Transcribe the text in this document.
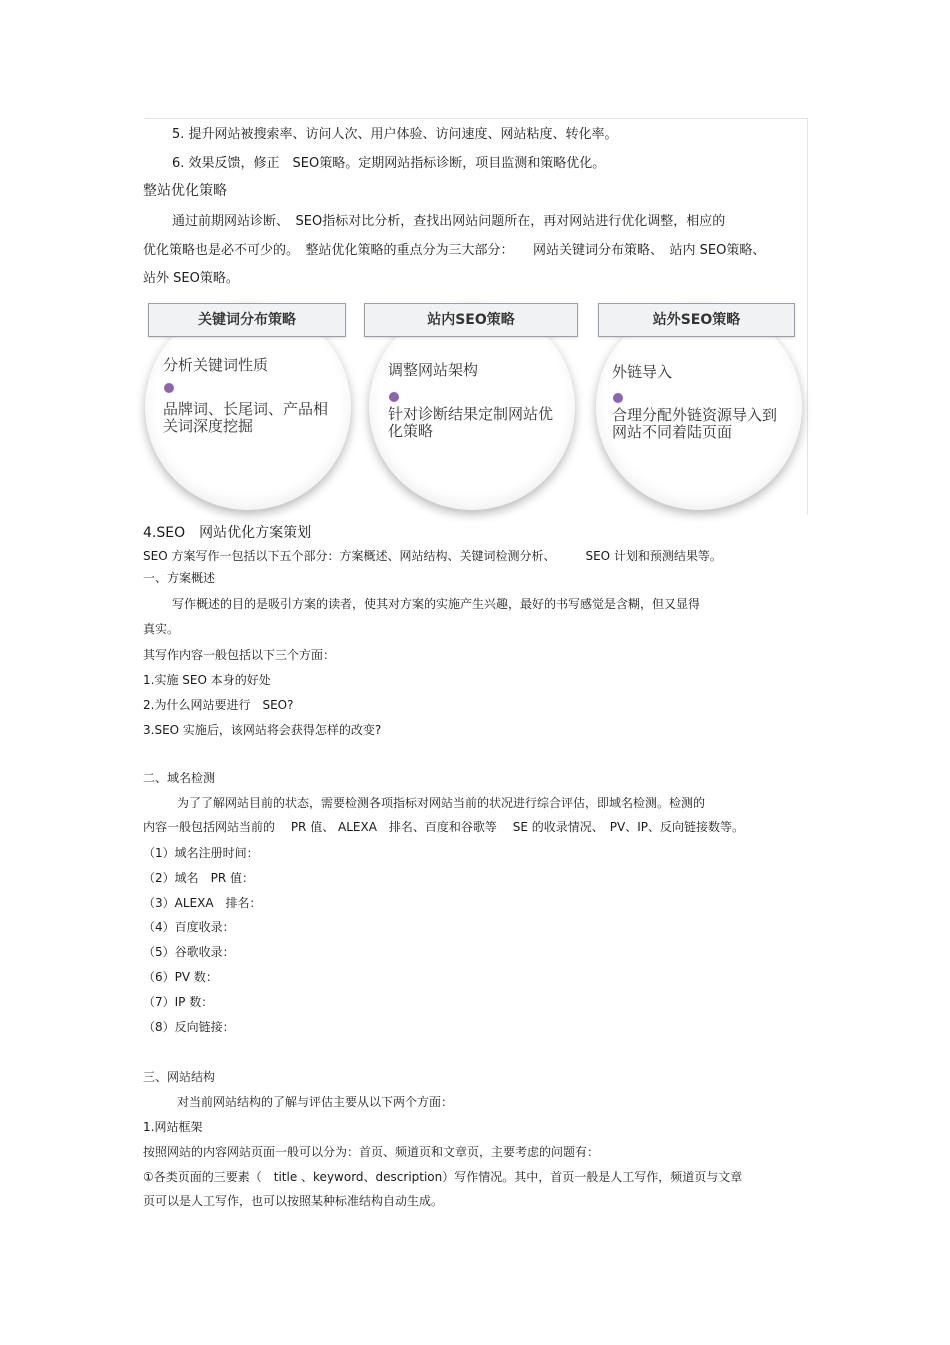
5. 提升网站被搜索率、访问人次、用户体验、访问速度、网站粘度、转化率。
6. 效果反馈，修正　SEO策略。定期网站指标诊断，项目监测和策略优化。
整站优化策略
通过前期网站诊断、　SEO指标对比分析，查找出网站问题所在，再对网站进行优化调整，相应的
优化策略也是必不可少的。　整站优化策略的重点分为三大部分：　　网站关键词分布策略、　站内 SEO策略、
站外 SEO策略。
关键词分布策略
分析关键词性质
品牌词、长尾词、产品相关词深度挖掘
站内SEO策略
调整网站架构
针对诊断结果定制网站优化策略
站外SEO策略
外链导入
合理分配外链资源导入到网站不同着陆页面
4.SEO　网站优化方案策划
SEO 方案写作一包括以下五个部分：方案概述、网站结构、关键词检测分析、　　　SEO 计划和预测结果等。
一、方案概述
写作概述的目的是吸引方案的读者，使其对方案的实施产生兴趣，最好的书写感觉是含糊，但又显得
真实。
其写作内容一般包括以下三个方面：
1.实施 SEO 本身的好处
2.为什么网站要进行　SEO?
3.SEO 实施后，该网站将会获得怎样的改变?
二、域名检测
为了了解网站目前的状态，需要检测各项指标对网站当前的状况进行综合评估，即域名检测。检测的
内容一般包括网站当前的　 PR 值、 ALEXA　排名、百度和谷歌等　 SE 的收录情况、　PV、IP、反向链接数等。
（1）域名注册时间：
（2）域名　PR 值：
（3）ALEXA　排名：
（4）百度收录：
（5）谷歌收录：
（6）PV 数：
（7）IP 数：
（8）反向链接：
三、网站结构
对当前网站结构的了解与评估主要从以下两个方面：
1.网站框架
按照网站的内容网站页面一般可以分为：首页、频道页和文章页，主要考虑的问题有：
①各类页面的三要素（　title 、keyword、description）写作情况。其中，首页一般是人工写作，频道页与文章
页可以是人工写作，也可以按照某种标准结构自动生成。
